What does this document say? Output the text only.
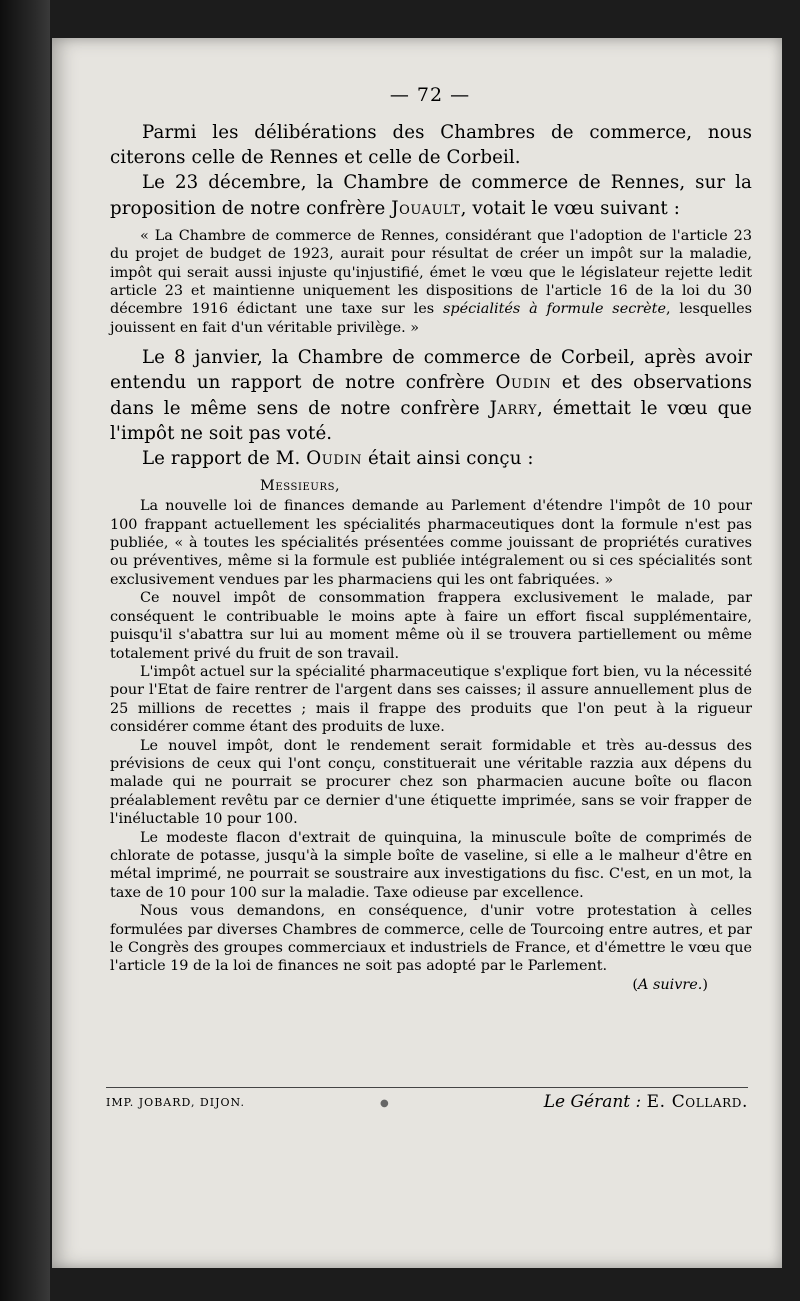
— 72 —

Parmi les délibérations des Chambres de commerce, nous citerons celle de Rennes et celle de Corbeil.

Le 23 décembre, la Chambre de commerce de Rennes, sur la proposition de notre confrère Jouault, votait le vœu suivant :

« La Chambre de commerce de Rennes, considérant que l'adoption de l'article 23 du projet de budget de 1923, aurait pour résultat de créer un impôt sur la maladie, impôt qui serait aussi injuste qu'injustifié, émet le vœu que le législateur rejette ledit article 23 et maintienne uniquement les dispositions de l'article 16 de la loi du 30 décembre 1916 édictant une taxe sur les spécialités à formule secrète, lesquelles jouissent en fait d'un véritable privilège. »

Le 8 janvier, la Chambre de commerce de Corbeil, après avoir entendu un rapport de notre confrère Oudin et des observations dans le même sens de notre confrère Jarry, émettait le vœu que l'impôt ne soit pas voté.

Le rapport de M. Oudin était ainsi conçu :

Messieurs,

La nouvelle loi de finances demande au Parlement d'étendre l'impôt de 10 pour 100 frappant actuellement les spécialités pharmaceutiques dont la formule n'est pas publiée, « à toutes les spécialités présentées comme jouissant de propriétés curatives ou préventives, même si la formule est publiée intégralement ou si ces spécialités sont exclusivement vendues par les pharmaciens qui les ont fabriquées. »

Ce nouvel impôt de consommation frappera exclusivement le malade, par conséquent le contribuable le moins apte à faire un effort fiscal supplémentaire, puisqu'il s'abattra sur lui au moment même où il se trouvera partiellement ou même totalement privé du fruit de son travail.

L'impôt actuel sur la spécialité pharmaceutique s'explique fort bien, vu la nécessité pour l'Etat de faire rentrer de l'argent dans ses caisses; il assure annuellement plus de 25 millions de recettes ; mais il frappe des produits que l'on peut à la rigueur considérer comme étant des produits de luxe.

Le nouvel impôt, dont le rendement serait formidable et très au-dessus des prévisions de ceux qui l'ont conçu, constituerait une véritable razzia aux dépens du malade qui ne pourrait se procurer chez son pharmacien aucune boîte ou flacon préalablement revêtu par ce dernier d'une étiquette imprimée, sans se voir frapper de l'inéluctable 10 pour 100.

Le modeste flacon d'extrait de quinquina, la minuscule boîte de comprimés de chlorate de potasse, jusqu'à la simple boîte de vaseline, si elle a le malheur d'être en métal imprimé, ne pourrait se soustraire aux investigations du fisc. C'est, en un mot, la taxe de 10 pour 100 sur la maladie. Taxe odieuse par excellence.

Nous vous demandons, en conséquence, d'unir votre protestation à celles formulées par diverses Chambres de commerce, celle de Tourcoing entre autres, et par le Congrès des groupes commerciaux et industriels de France, et d'émettre le vœu que l'article 19 de la loi de finances ne soit pas adopté par le Parlement.
(A suivre.)

IMP. JOBARD, DIJON.	●	Le Gérant : E. Collard.
